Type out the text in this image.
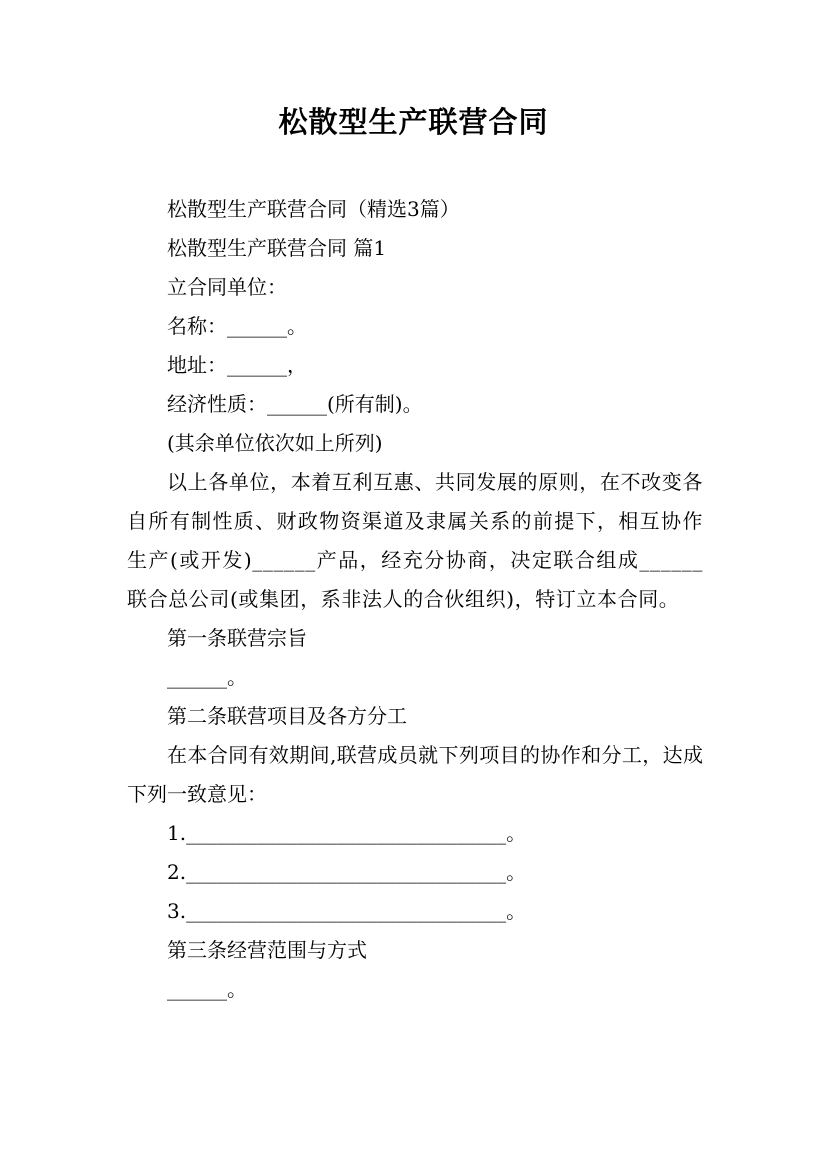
松散型生产联营合同

松散型生产联营合同（精选3篇）

松散型生产联营合同 篇1

立合同单位：

名称：______。

地址：______，

经济性质：______(所有制)。

(其余单位依次如上所列)

以上各单位，本着互利互惠、共同发展的原则，在不改变各自所有制性质、财政物资渠道及隶属关系的前提下，相互协作生产(或开发)______产品，经充分协商，决定联合组成______联合总公司(或集团，系非法人的合伙组织)，特订立本合同。

第一条联营宗旨

______。

第二条联营项目及各方分工

在本合同有效期间,联营成员就下列项目的协作和分工，达成下列一致意见：

1.________________________________。

2.________________________________。

3.________________________________。

第三条经营范围与方式

______。
